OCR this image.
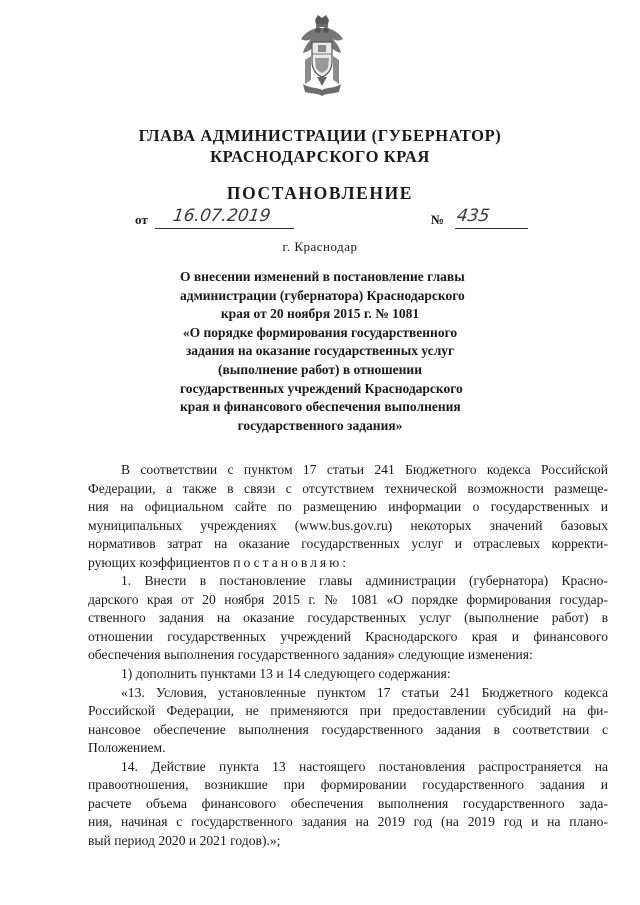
ГЛАВА АДМИНИСТРАЦИИ (ГУБЕРНАТОР)
КРАСНОДАРСКОГО КРАЯ
ПОСТАНОВЛЕНИЕ
от 16.07.2019	№ 435
г. Краснодар
О внесении изменений в постановление главы
администрации (губернатора) Краснодарского
края от 20 ноября 2015 г. № 1081
«О порядке формирования государственного
задания на оказание государственных услуг
(выполнение работ) в отношении
государственных учреждений Краснодарского
края и финансового обеспечения выполнения
государственного задания»
В соответствии с пунктом 17 статьи 241 Бюджетного кодекса Российской
Федерации, а также в связи с отсутствием технической возможности размеще-
ния на официальном сайте по размещению информации о государственных и
муниципальных учреждениях (www.bus.gov.ru) некоторых значений базовых
нормативов затрат на оказание государственных услуг и отраслевых корректи-
рующих коэффициентов постановляю:
1. Внести в постановление главы администрации (губернатора) Красно-
дарского края от 20 ноября 2015 г. № 1081 «О порядке формирования государ-
ственного задания на оказание государственных услуг (выполнение работ) в
отношении государственных учреждений Краснодарского края и финансового
обеспечения выполнения государственного задания» следующие изменения:
1) дополнить пунктами 13 и 14 следующего содержания:
«13. Условия, установленные пунктом 17 статьи 241 Бюджетного кодекса
Российской Федерации, не применяются при предоставлении субсидий на фи-
нансовое обеспечение выполнения государственного задания в соответствии с
Положением.
14. Действие пункта 13 настоящего постановления распространяется на
правоотношения, возникшие при формировании государственного задания и
расчете объема финансового обеспечения выполнения государственного зада-
ния, начиная с государственного задания на 2019 год (на 2019 год и на плано-
вый период 2020 и 2021 годов).»;
